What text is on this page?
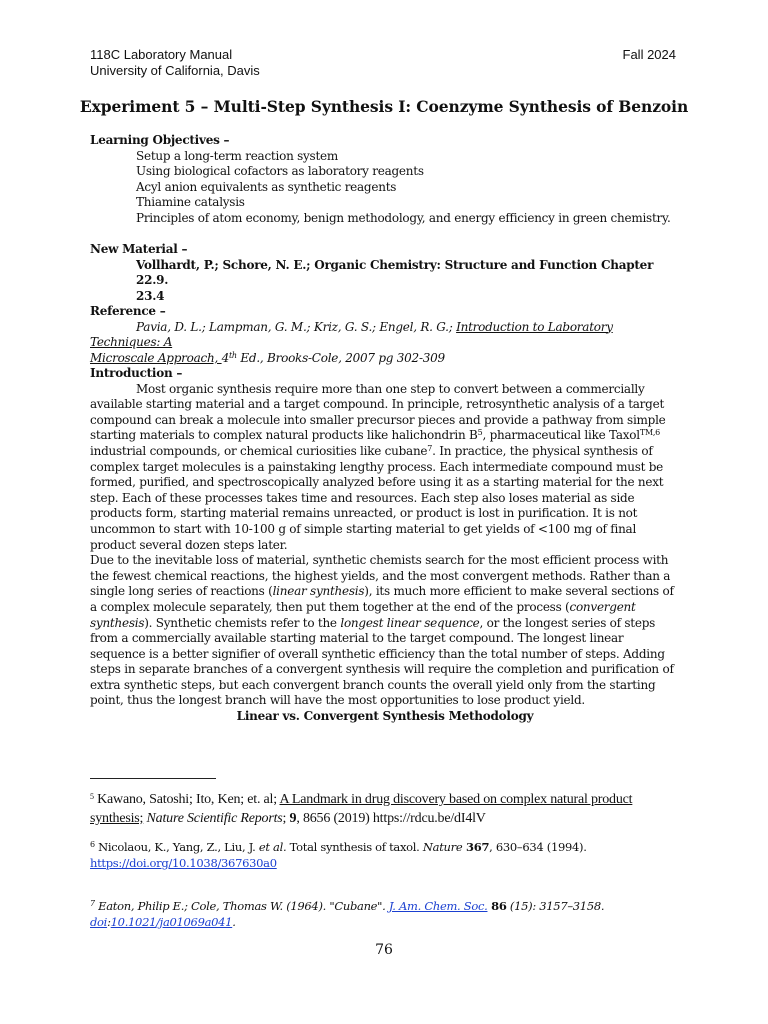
118C Laboratory Manual
University of California, Davis
Fall 2024
Experiment 5 – Multi-Step Synthesis I: Coenzyme Synthesis of Benzoin
Learning Objectives –
Setup a long-term reaction system
Using biological cofactors as laboratory reagents
Acyl anion equivalents as synthetic reagents
Thiamine catalysis
Principles of atom economy, benign methodology, and energy efficiency in green chemistry.
New Material –
Vollhardt, P.; Schore, N. E.; Organic Chemistry: Structure and Function Chapter 22.9.
23.4
Reference –
Pavia, D. L.; Lampman, G. M.; Kriz, G. S.; Engel, R. G.; Introduction to Laboratory Techniques: A
Microscale Approach, 4th Ed., Brooks-Cole, 2007 pg 302-309
Introduction –
Most organic synthesis require more than one step to convert between a commercially available starting material and a target compound. In principle, retrosynthetic analysis of a target compound can break a molecule into smaller precursor pieces and provide a pathway from simple starting materials to complex natural products like halichondrin $B^5$, pharmaceutical like Taxol$^{TM,6}$ industrial compounds, or chemical curiosities like cubane$^7$. In practice, the physical synthesis of complex target molecules is a painstaking lengthy process. Each intermediate compound must be formed, purified, and spectroscopically analyzed before using it as a starting material for the next step. Each of these processes takes time and resources. Each step also loses material as side products form, starting material remains unreacted, or product is lost in purification. It is not uncommon to start with 10-100 g of simple starting material to get yields of <100 mg of final product several dozen steps later.
Due to the inevitable loss of material, synthetic chemists search for the most efficient process with the fewest chemical reactions, the highest yields, and the most convergent methods. Rather than a single long series of reactions (linear synthesis), its much more efficient to make several sections of a complex molecule separately, then put them together at the end of the process (convergent synthesis). Synthetic chemists refer to the longest linear sequence, or the longest series of steps from a commercially available starting material to the target compound. The longest linear sequence is a better signifier of overall synthetic efficiency than the total number of steps. Adding steps in separate branches of a convergent synthesis will require the completion and purification of extra synthetic steps, but each convergent branch counts the overall yield only from the starting point, thus the longest branch will have the most opportunities to lose product yield.
Linear vs. Convergent Synthesis Methodology
$^5$ Kawano, Satoshi; Ito, Ken; et. al; A Landmark in drug discovery based on complex natural product synthesis; Nature Scientific Reports; 9, 8656 (2019) https://rdcu.be/dI4lV
$^6$ Nicolaou, K., Yang, Z., Liu, J. et al. Total synthesis of taxol. Nature 367, 630–634 (1994). https://doi.org/10.1038/367630a0
$^7$ Eaton, Philip E.; Cole, Thomas W. (1964). "Cubane". J. Am. Chem. Soc. 86 (15): 3157–3158. doi:10.1021/ja01069a041.
76
